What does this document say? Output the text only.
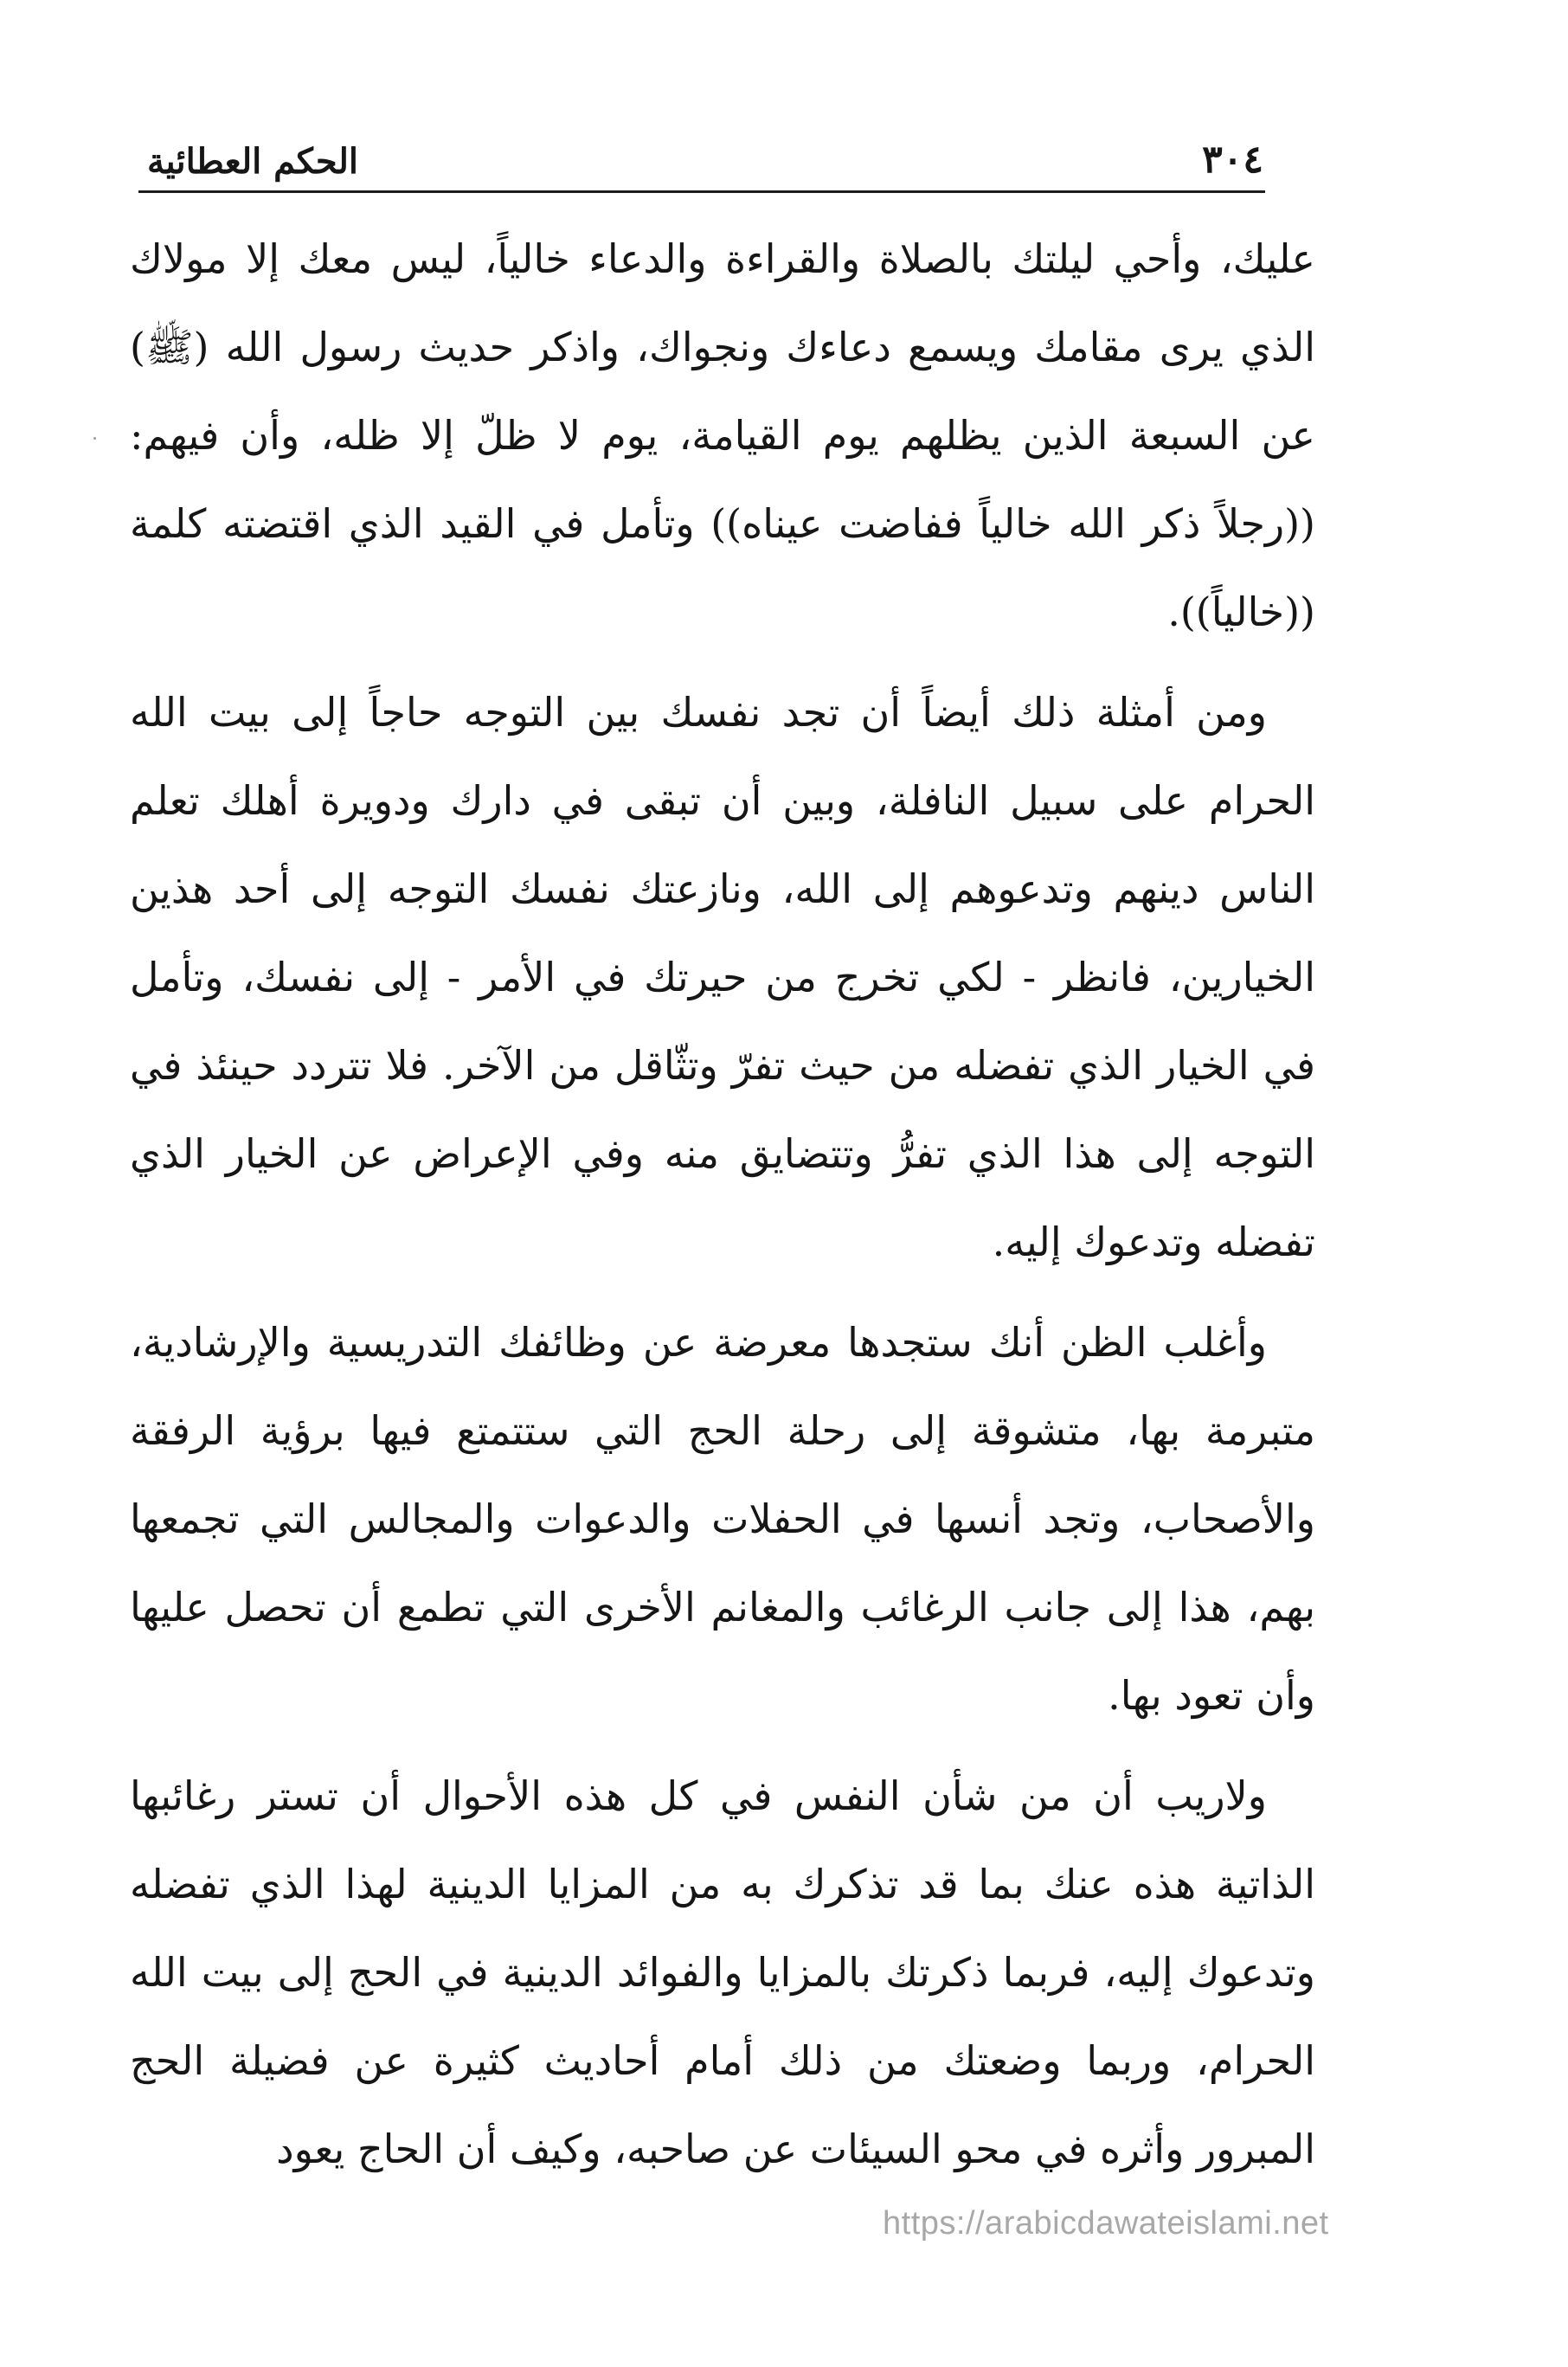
٣٠٤
الحكم العطائية

عليك، وأحي ليلتك بالصلاة والقراءة والدعاء خالياً، ليس معك إلا مولاك الذي يرى مقامك ويسمع دعاءك ونجواك، واذكر حديث رسول الله (ﷺ) عن السبعة الذين يظلهم يوم القيامة، يوم لا ظلّ إلا ظله، وأن فيهم: ((رجلاً ذكر الله خالياً ففاضت عيناه)) وتأمل في القيد الذي اقتضته كلمة ((خالياً)).

ومن أمثلة ذلك أيضاً أن تجد نفسك بين التوجه حاجاً إلى بيت الله الحرام على سبيل النافلة، وبين أن تبقى في دارك ودويرة أهلك تعلم الناس دينهم وتدعوهم إلى الله، ونازعتك نفسك التوجه إلى أحد هذين الخيارين، فانظر - لكي تخرج من حيرتك في الأمر - إلى نفسك، وتأمل في الخيار الذي تفضله من حيث تفرّ وتثّاقل من الآخر. فلا تتردد حينئذ في التوجه إلى هذا الذي تفرُّ وتتضايق منه وفي الإعراض عن الخيار الذي تفضله وتدعوك إليه.

وأغلب الظن أنك ستجدها معرضة عن وظائفك التدريسية والإرشادية، متبرمة بها، متشوقة إلى رحلة الحج التي ستتمتع فيها برؤية الرفقة والأصحاب، وتجد أنسها في الحفلات والدعوات والمجالس التي تجمعها بهم، هذا إلى جانب الرغائب والمغانم الأخرى التي تطمع أن تحصل عليها وأن تعود بها.

ولاريب أن من شأن النفس في كل هذه الأحوال أن تستر رغائبها الذاتية هذه عنك بما قد تذكرك به من المزايا الدينية لهذا الذي تفضله وتدعوك إليه، فربما ذكرتك بالمزايا والفوائد الدينية في الحج إلى بيت الله الحرام، وربما وضعتك من ذلك أمام أحاديث كثيرة عن فضيلة الحج المبرور وأثره في محو السيئات عن صاحبه، وكيف أن الحاج يعود

https://arabicdawateislami.net
